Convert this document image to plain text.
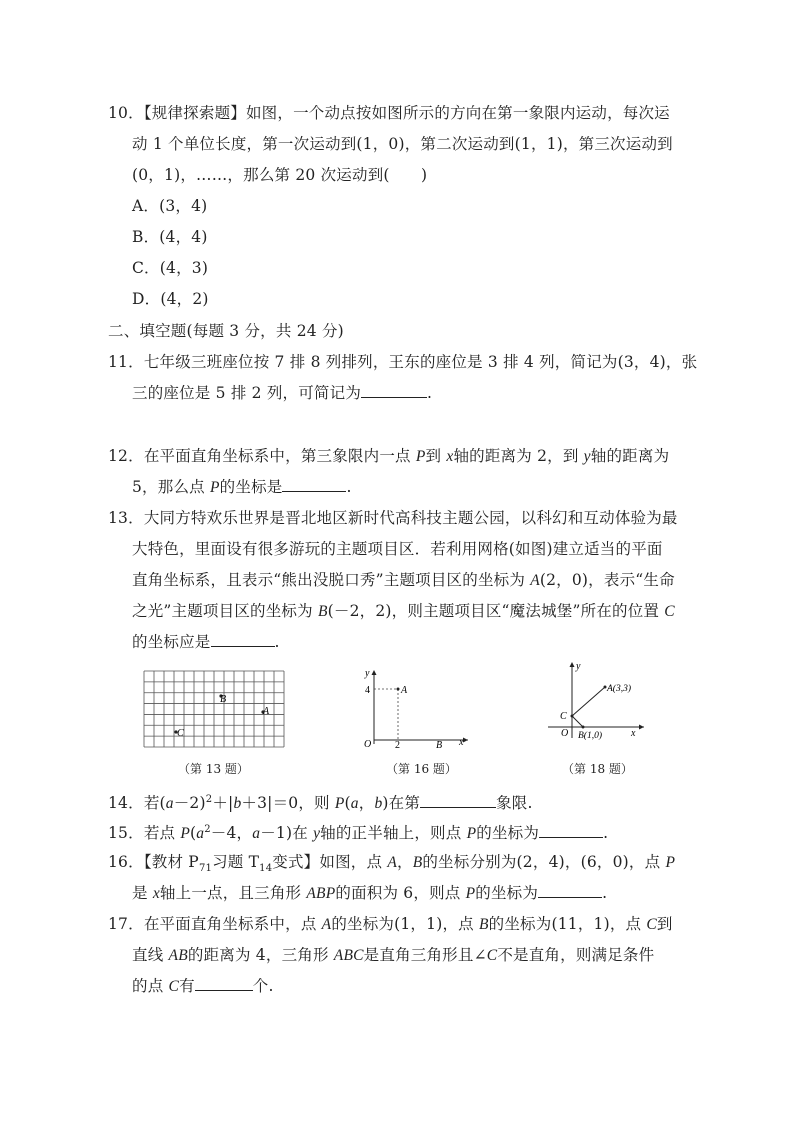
10．【规律探索题】如图，一个动点按如图所示的方向在第一象限内运动，每次运
动 1 个单位长度，第一次运动到(1，0)，第二次运动到(1，1)，第三次运动到
(0，1)，……，那么第 20 次运动到(　　)
A．(3，4)
B．(4，4)
C．(4，3)
D．(4，2)
二、填空题(每题 3 分，共 24 分)
11．七年级三班座位按 7 排 8 列排列，王东的座位是 3 排 4 列，简记为(3，4)，张
三的座位是 5 排 2 列，可简记为	.
12．在平面直角坐标系中，第三象限内一点 P到 x轴的距离为 2，到 y轴的距离为
5，那么点 P的坐标是	.
13．大同方特欢乐世界是晋北地区新时代高科技主题公园，以科幻和互动体验为最
大特色，里面设有很多游玩的主题项目区．若利用网格(如图)建立适当的平面
直角坐标系，且表示“熊出没脱口秀”主题项目区的坐标为 A(2，0)，表示“生命
之光”主题项目区的坐标为 B(－2，2)，则主题项目区“魔法城堡”所在的位置 C
的坐标应是	.
B
A
C
（第 13 题）
y
x
O
4
2
A
B
（第 16 题）
y
x
O
C
A(3,3)
B(1,0)
（第 18 题）
14．若$(a-2)^2+|b+3|=0$，则 P(a，b)在第	象限.
15．若点 $P(a^2-4$，a－1)在 y轴的正半轴上，则点 P的坐标为	.
16．【教材 $P_{71}$习题 $T_{14}$变式】如图，点 A，B的坐标分别为(2，4)，(6，0)，点 P
是 x轴上一点，且三角形 ABP的面积为 6，则点 P的坐标为	.
17．在平面直角坐标系中，点 A的坐标为(1，1)，点 B的坐标为(11，1)，点 C到
直线 AB的距离为 4，三角形 ABC是直角三角形且∠C不是直角，则满足条件
的点 C有	个.
